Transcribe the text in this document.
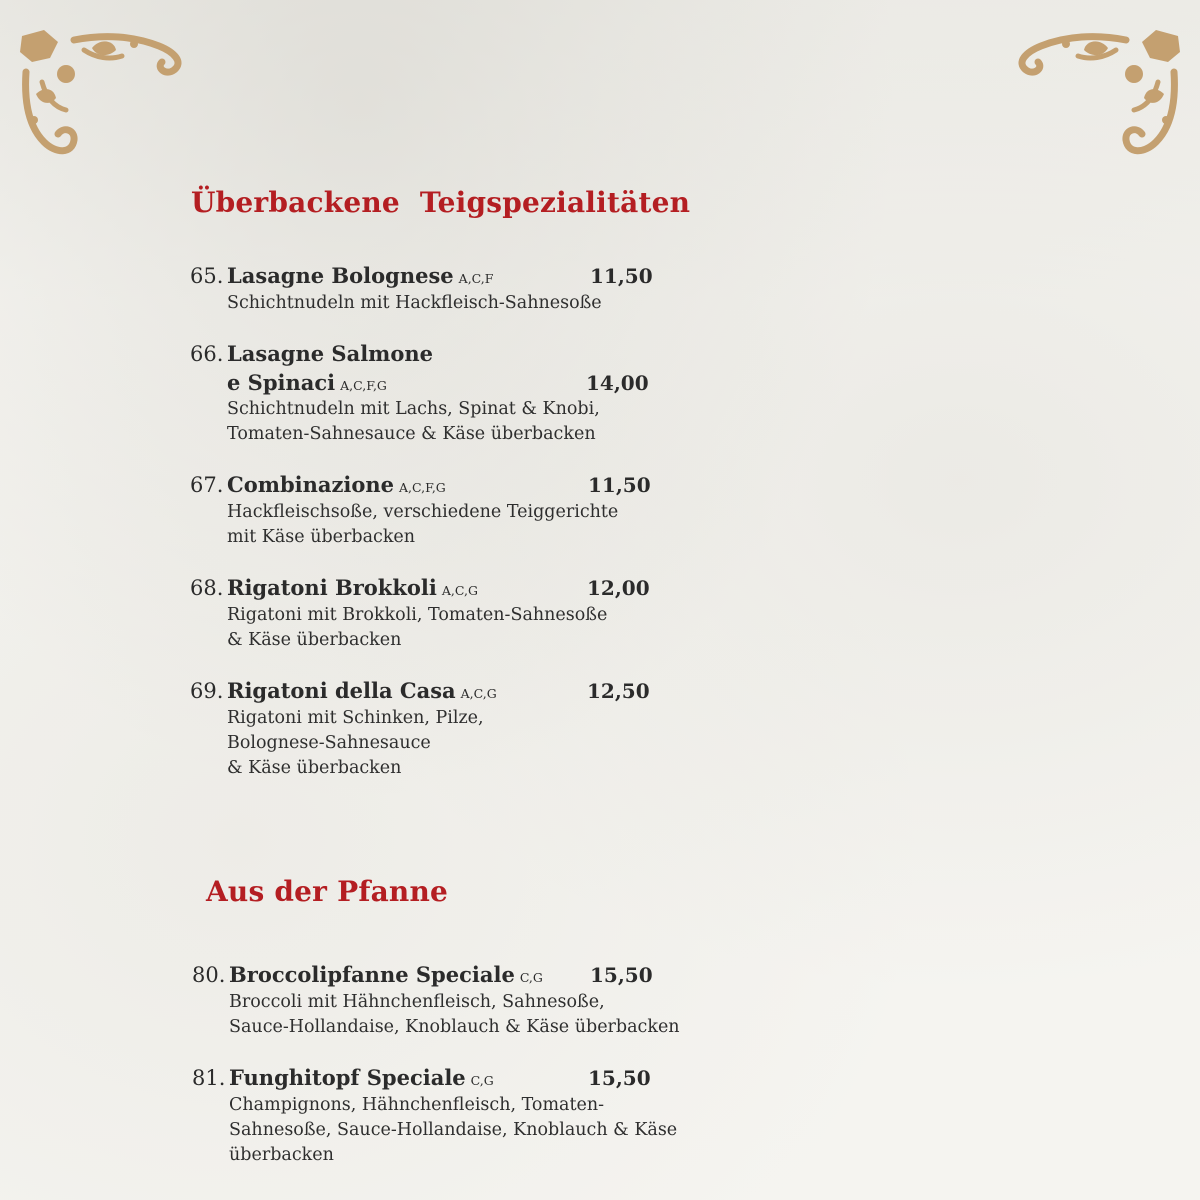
Überbackene  Teigspezialitäten
65. Lasagne Bolognese A,C,F	11,50
Schichtnudeln mit Hackfleisch-Sahnesoße
66. Lasagne Salmone
e Spinaci A,C,F,G	14,00
Schichtnudeln mit Lachs, Spinat & Knobi,
Tomaten-Sahnesauce & Käse überbacken
67. Combinazione A,C,F,G	11,50
Hackfleischsoße, verschiedene Teiggerichte
mit Käse überbacken
68. Rigatoni Brokkoli A,C,G	12,00
Rigatoni mit Brokkoli, Tomaten-Sahnesoße
& Käse überbacken
69. Rigatoni della Casa A,C,G	12,50
Rigatoni mit Schinken, Pilze,
Bolognese-Sahnesauce
& Käse überbacken
Aus der Pfanne
80. Broccolipfanne Speciale C,G 15,50
Broccoli mit Hähnchenfleisch, Sahnesoße,
Sauce-Hollandaise, Knoblauch & Käse überbacken
81. Funghitopf Speciale C,G	15,50
Champignons, Hähnchenfleisch, Tomaten-
Sahnesoße, Sauce-Hollandaise, Knoblauch & Käse
überbacken
